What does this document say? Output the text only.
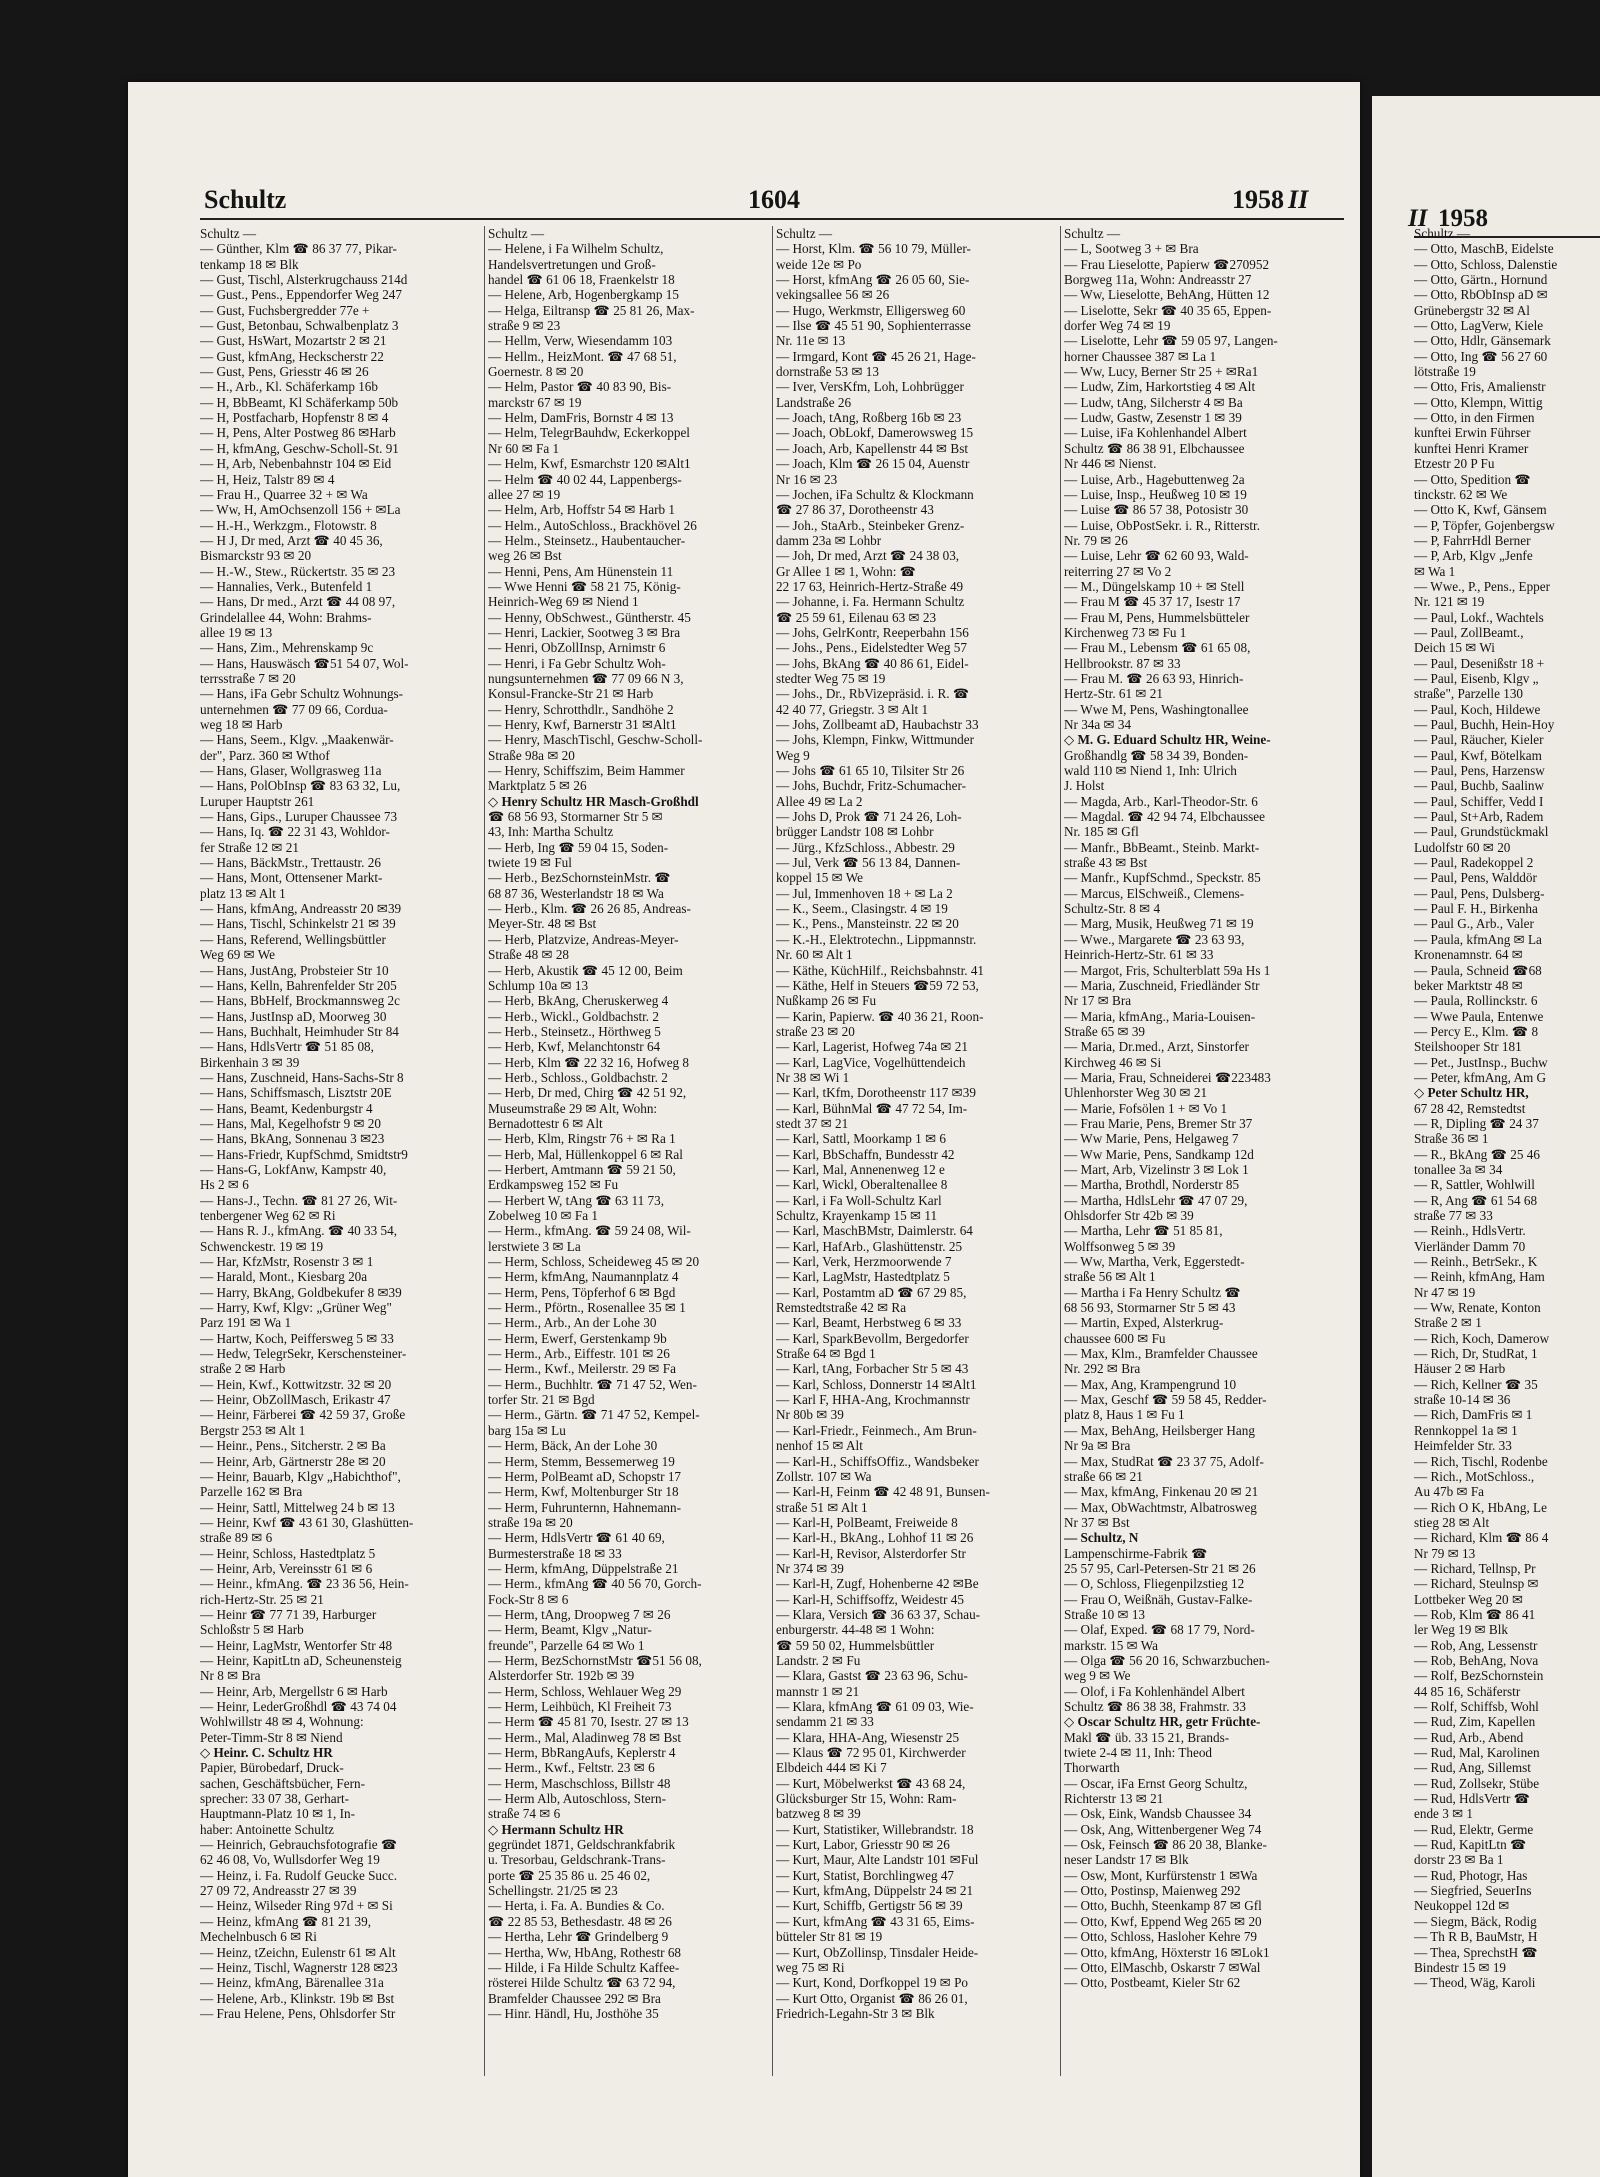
Schultz	1604	1958 II
II 1958
Schultz —
— Günther, Klm ☎ 86 37 77, Pikar-
tenkamp 18 ✉ Blk
— Gust, Tischl, Alsterkrugchauss 214d
— Gust., Pens., Eppendorfer Weg 247
— Gust, Fuchsbergredder 77e +
— Gust, Betonbau, Schwalbenplatz 3
— Gust, HsWart, Mozartstr 2 ✉ 21
— Gust, kfmAng, Heckscherstr 22
— Gust, Pens, Griesstr 46 ✉ 26
— H., Arb., Kl. Schäferkamp 16b
— H, BbBeamt, Kl Schäferkamp 50b
— H, Postfacharb, Hopfenstr 8 ✉ 4
— H, Pens, Alter Postweg 86 ✉Harb
— H, kfmAng, Geschw-Scholl-St. 91
— H, Arb, Nebenbahnstr 104 ✉ Eid
— H, Heiz, Talstr 89 ✉ 4
— Frau H., Quarree 32 + ✉ Wa
— Ww, H, AmOchsenzoll 156 + ✉La
— H.-H., Werkzgm., Flotowstr. 8
— H J, Dr med, Arzt ☎ 40 45 36,
Bismarckstr 93 ✉ 20
— H.-W., Stew., Rückertstr. 35 ✉ 23
— Hannalies, Verk., Butenfeld 1
— Hans, Dr med., Arzt ☎ 44 08 97,
Grindelallee 44, Wohn: Brahms-
allee 19 ✉ 13
— Hans, Zim., Mehrenskamp 9c
— Hans, Hauswäsch ☎51 54 07, Wol-
terrsstraße 7 ✉ 20
— Hans, iFa Gebr Schultz Wohnungs-
unternehmen ☎ 77 09 66, Cordua-
weg 18 ✉ Harb
— Hans, Seem., Klgv. „Maakenwär-
der", Parz. 360 ✉ Wthof
— Hans, Glaser, Wollgrasweg 11a
— Hans, PolObInsp ☎ 83 63 32, Lu,
Luruper Hauptstr 261
— Hans, Gips., Luruper Chaussee 73
— Hans, Iq. ☎ 22 31 43, Wohldor-
fer Straße 12 ✉ 21
— Hans, BäckMstr., Trettaustr. 26
— Hans, Mont, Ottensener Markt-
platz 13 ✉ Alt 1
— Hans, kfmAng, Andreasstr 20 ✉39
— Hans, Tischl, Schinkelstr 21 ✉ 39
— Hans, Referend, Wellingsbüttler
Weg 69 ✉ We
— Hans, JustAng, Probsteier Str 10
— Hans, Kelln, Bahrenfelder Str 205
— Hans, BbHelf, Brockmannsweg 2c
— Hans, JustInsp aD, Moorweg 30
— Hans, Buchhalt, Heimhuder Str 84
— Hans, HdlsVertr ☎ 51 85 08,
Birkenhain 3 ✉ 39
— Hans, Zuschneid, Hans-Sachs-Str 8
— Hans, Schiffsmasch, Lisztstr 20E
— Hans, Beamt, Kedenburgstr 4
— Hans, Mal, Kegelhofstr 9 ✉ 20
— Hans, BkAng, Sonnenau 3 ✉23
— Hans-Friedr, KupfSchmd, Smidtstr9
— Hans-G, LokfAnw, Kampstr 40,
Hs 2 ✉ 6
— Hans-J., Techn. ☎ 81 27 26, Wit-
tenbergener Weg 62 ✉ Ri
— Hans R. J., kfmAng. ☎ 40 33 54,
Schwenckestr. 19 ✉ 19
— Har, KfzMstr, Rosenstr 3 ✉ 1
— Harald, Mont., Kiesbarg 20a
— Harry, BkAng, Goldbekufer 8 ✉39
— Harry, Kwf, Klgv: „Grüner Weg"
Parz 191 ✉ Wa 1
— Hartw, Koch, Peiffersweg 5 ✉ 33
— Hedw, TelegrSekr, Kerschensteiner-
straße 2 ✉ Harb
— Hein, Kwf., Kottwitzstr. 32 ✉ 20
— Heinr, ObZollMasch, Erikastr 47
— Heinr, Färberei ☎ 42 59 37, Große
Bergstr 253 ✉ Alt 1
— Heinr., Pens., Sitcherstr. 2 ✉ Ba
— Heinr, Arb, Gärtnerstr 28e ✉ 20
— Heinr, Bauarb, Klgv „Habichthof",
Parzelle 162 ✉ Bra
— Heinr, Sattl, Mittelweg 24 b ✉ 13
— Heinr, Kwf ☎ 43 61 30, Glashütten-
straße 89 ✉ 6
— Heinr, Schloss, Hastedtplatz 5
— Heinr, Arb, Vereinsstr 61 ✉ 6
— Heinr., kfmAng. ☎ 23 36 56, Hein-
rich-Hertz-Str. 25 ✉ 21
— Heinr ☎ 77 71 39, Harburger
Schloßstr 5 ✉ Harb
— Heinr, LagMstr, Wentorfer Str 48
— Heinr, KapitLtn aD, Scheunensteig
Nr 8 ✉ Bra
— Heinr, Arb, Mergellstr 6 ✉ Harb
— Heinr, LederGroßhdl ☎ 43 74 04
Wohlwillstr 48 ✉ 4, Wohnung:
Peter-Timm-Str 8 ✉ Niend
◇ Heinr. C. Schultz HR
Papier, Bürobedarf, Druck-
sachen, Geschäftsbücher, Fern-
sprecher: 33 07 38, Gerhart-
Hauptmann-Platz 10 ✉ 1, In-
haber: Antoinette Schultz
— Heinrich, Gebrauchsfotografie ☎
62 46 08, Vo, Wullsdorfer Weg 19
— Heinz, i. Fa. Rudolf Geucke Succ.
27 09 72, Andreasstr 27 ✉ 39
— Heinz, Wilseder Ring 97d + ✉ Si
— Heinz, kfmAng ☎ 81 21 39,
Mechelnbusch 6 ✉ Ri
— Heinz, tZeichn, Eulenstr 61 ✉ Alt
— Heinz, Tischl, Wagnerstr 128 ✉23
— Heinz, kfmAng, Bärenallee 31a
— Helene, Arb., Klinkstr. 19b ✉ Bst
— Frau Helene, Pens, Ohlsdorfer Str
Schultz —
— Helene, i Fa Wilhelm Schultz,
Handelsvertretungen und Groß-
handel ☎ 61 06 18, Fraenkelstr 18
— Helene, Arb, Hogenbergkamp 15
— Helga, Eiltransp ☎ 25 81 26, Max-
straße 9 ✉ 23
— Hellm, Verw, Wiesendamm 103
— Hellm., HeizMont. ☎ 47 68 51,
Goernestr. 8 ✉ 20
— Helm, Pastor ☎ 40 83 90, Bis-
marckstr 67 ✉ 19
— Helm, DamFris, Bornstr 4 ✉ 13
— Helm, TelegrBauhdw, Eckerkoppel
Nr 60 ✉ Fa 1
— Helm, Kwf, Esmarchstr 120 ✉Alt1
— Helm ☎ 40 02 44, Lappenbergs-
allee 27 ✉ 19
— Helm, Arb, Hoffstr 54 ✉ Harb 1
— Helm., AutoSchloss., Brackhövel 26
— Helm., Steinsetz., Haubentaucher-
weg 26 ✉ Bst
— Henni, Pens, Am Hünenstein 11
— Wwe Henni ☎ 58 21 75, König-
Heinrich-Weg 69 ✉ Niend 1
— Henny, ObSchwest., Güntherstr. 45
— Henri, Lackier, Sootweg 3 ✉ Bra
— Henri, ObZollInsp, Arnimstr 6
— Henri, i Fa Gebr Schultz Woh-
nungsunternehmen ☎ 77 09 66 N 3,
Konsul-Francke-Str 21 ✉ Harb
— Henry, Schrotthdlr., Sandhöhe 2
— Henry, Kwf, Barnerstr 31 ✉Alt1
— Henry, MaschTischl, Geschw-Scholl-
Straße 98a ✉ 20
— Henry, Schiffszim, Beim Hammer
Marktplatz 5 ✉ 26
◇ Henry Schultz HR Masch-Großhdl
☎ 68 56 93, Stormarner Str 5 ✉
43, Inh: Martha Schultz
— Herb, Ing ☎ 59 04 15, Soden-
twiete 19 ✉ Ful
— Herb., BezSchornsteinMstr. ☎
68 87 36, Westerlandstr 18 ✉ Wa
— Herb., Klm. ☎ 26 26 85, Andreas-
Meyer-Str. 48 ✉ Bst
— Herb, Platzvize, Andreas-Meyer-
Straße 48 ✉ 28
— Herb, Akustik ☎ 45 12 00, Beim
Schlump 10a ✉ 13
— Herb, BkAng, Cheruskerweg 4
— Herb., Wickl., Goldbachstr. 2
— Herb., Steinsetz., Hörthweg 5
— Herb, Kwf, Melanchtonstr 64
— Herb, Klm ☎ 22 32 16, Hofweg 8
— Herb., Schloss., Goldbachstr. 2
— Herb, Dr med, Chirg ☎ 42 51 92,
Museumstraße 29 ✉ Alt, Wohn:
Bernadottestr 6 ✉ Alt
— Herb, Klm, Ringstr 76 + ✉ Ra 1
— Herb, Mal, Hüllenkoppel 6 ✉ Ral
— Herbert, Amtmann ☎ 59 21 50,
Erdkampsweg 152 ✉ Fu
— Herbert W, tAng ☎ 63 11 73,
Zobelweg 10 ✉ Fa 1
— Herm., kfmAng. ☎ 59 24 08, Wil-
lerstwiete 3 ✉ La
— Herm, Schloss, Scheideweg 45 ✉ 20
— Herm, kfmAng, Naumannplatz 4
— Herm, Pens, Töpferhof 6 ✉ Bgd
— Herm., Pförtn., Rosenallee 35 ✉ 1
— Herm., Arb., An der Lohe 30
— Herm, Ewerf, Gerstenkamp 9b
— Herm., Arb., Eiffestr. 101 ✉ 26
— Herm., Kwf., Meilerstr. 29 ✉ Fa
— Herm., Buchhltr. ☎ 71 47 52, Wen-
torfer Str. 21 ✉ Bgd
— Herm., Gärtn. ☎ 71 47 52, Kempel-
barg 15a ✉ Lu
— Herm, Bäck, An der Lohe 30
— Herm, Stemm, Bessemerweg 19
— Herm, PolBeamt aD, Schopstr 17
— Herm, Kwf, Moltenburger Str 18
— Herm, Fuhrunternn, Hahnemann-
straße 19a ✉ 20
— Herm, HdlsVertr ☎ 61 40 69,
Burmesterstraße 18 ✉ 33
— Herm, kfmAng, Düppelstraße 21
— Herm., kfmAng ☎ 40 56 70, Gorch-
Fock-Str 8 ✉ 6
— Herm, tAng, Droopweg 7 ✉ 26
— Herm, Beamt, Klgv „Natur-
freunde", Parzelle 64 ✉ Wo 1
— Herm, BezSchornstMstr ☎51 56 08,
Alsterdorfer Str. 192b ✉ 39
— Herm, Schloss, Wehlauer Weg 29
— Herm, Leihbüch, Kl Freiheit 73
— Herm ☎ 45 81 70, Isestr. 27 ✉ 13
— Herm., Mal, Aladinweg 78 ✉ Bst
— Herm, BbRangAufs, Keplerstr 4
— Herm., Kwf., Feltstr. 23 ✉ 6
— Herm, Maschschloss, Billstr 48
— Herm Alb, Autoschloss, Stern-
straße 74 ✉ 6
◇ Hermann Schultz HR
gegründet 1871, Geldschrankfabrik
u. Tresorbau, Geldschrank-Trans-
porte ☎ 25 35 86 u. 25 46 02,
Schellingstr. 21/25 ✉ 23
— Herta, i. Fa. A. Bundies & Co.
☎ 22 85 53, Bethesdastr. 48 ✉ 26
— Hertha, Lehr ☎ Grindelberg 9
— Hertha, Ww, HbAng, Rothestr 68
— Hilde, i Fa Hilde Schultz Kaffee-
rösterei Hilde Schultz ☎ 63 72 94,
Bramfelder Chaussee 292 ✉ Bra
— Hinr. Händl, Hu, Josthöhe 35
Schultz —
— Horst, Klm. ☎ 56 10 79, Müller-
weide 12e ✉ Po
— Horst, kfmAng ☎ 26 05 60, Sie-
vekingsallee 56 ✉ 26
— Hugo, Werkmstr, Elligersweg 60
— Ilse ☎ 45 51 90, Sophienterrasse
Nr. 11e ✉ 13
— Irmgard, Kont ☎ 45 26 21, Hage-
dornstraße 53 ✉ 13
— Iver, VersKfm, Loh, Lohbrügger
Landstraße 26
— Joach, tAng, Roßberg 16b ✉ 23
— Joach, ObLokf, Damerowsweg 15
— Joach, Arb, Kapellenstr 44 ✉ Bst
— Joach, Klm ☎ 26 15 04, Auenstr
Nr 16 ✉ 23
— Jochen, iFa Schultz & Klockmann
☎ 27 86 37, Dorotheenstr 43
— Joh., StaArb., Steinbeker Grenz-
damm 23a ✉ Lohbr
— Joh, Dr med, Arzt ☎ 24 38 03,
Gr Allee 1 ✉ 1, Wohn: ☎
22 17 63, Heinrich-Hertz-Straße 49
— Johanne, i. Fa. Hermann Schultz
☎ 25 59 61, Eilenau 63 ✉ 23
— Johs, GelrKontr, Reeperbahn 156
— Johs., Pens., Eidelstedter Weg 57
— Johs, BkAng ☎ 40 86 61, Eidel-
stedter Weg 75 ✉ 19
— Johs., Dr., RbVizepräsid. i. R. ☎
42 40 77, Griegstr. 3 ✉ Alt 1
— Johs, Zollbeamt aD, Haubachstr 33
— Johs, Klempn, Finkw, Wittmunder
Weg 9
— Johs ☎ 61 65 10, Tilsiter Str 26
— Johs, Buchdr, Fritz-Schumacher-
Allee 49 ✉ La 2
— Johs D, Prok ☎ 71 24 26, Loh-
brügger Landstr 108 ✉ Lohbr
— Jürg., KfzSchloss., Abbestr. 29
— Jul, Verk ☎ 56 13 84, Dannen-
koppel 15 ✉ We
— Jul, Immenhoven 18 + ✉ La 2
— K., Seem., Clasingstr. 4 ✉ 19
— K., Pens., Mansteinstr. 22 ✉ 20
— K.-H., Elektrotechn., Lippmannstr.
Nr. 60 ✉ Alt 1
— Käthe, KüchHilf., Reichsbahnstr. 41
— Käthe, Helf in Steuers ☎59 72 53,
Nußkamp 26 ✉ Fu
— Karin, Papierw. ☎ 40 36 21, Roon-
straße 23 ✉ 20
— Karl, Lagerist, Hofweg 74a ✉ 21
— Karl, LagVice, Vogelhüttendeich
Nr 38 ✉ Wi 1
— Karl, tKfm, Dorotheenstr 117 ✉39
— Karl, BühnMal ☎ 47 72 54, Im-
stedt 37 ✉ 21
— Karl, Sattl, Moorkamp 1 ✉ 6
— Karl, BbSchaffn, Bundesstr 42
— Karl, Mal, Annenenweg 12 e
— Karl, Wickl, Oberaltenallee 8
— Karl, i Fa Woll-Schultz Karl
Schultz, Krayenkamp 15 ✉ 11
— Karl, MaschBMstr, Daimlerstr. 64
— Karl, HafArb., Glashüttenstr. 25
— Karl, Verk, Herzmoorwende 7
— Karl, LagMstr, Hastedtplatz 5
— Karl, Postamtm aD ☎ 67 29 85,
Remstedtstraße 42 ✉ Ra
— Karl, Beamt, Herbstweg 6 ✉ 33
— Karl, SparkBevollm, Bergedorfer
Straße 64 ✉ Bgd 1
— Karl, tAng, Forbacher Str 5 ✉ 43
— Karl, Schloss, Donnerstr 14 ✉Alt1
— Karl F, HHA-Ang, Krochmannstr
Nr 80b ✉ 39
— Karl-Friedr., Feinmech., Am Brun-
nenhof 15 ✉ Alt
— Karl-H., SchiffsOffiz., Wandsbeker
Zollstr. 107 ✉ Wa
— Karl-H, Feinm ☎ 42 48 91, Bunsen-
straße 51 ✉ Alt 1
— Karl-H, PolBeamt, Freiweide 8
— Karl-H., BkAng., Lohhof 11 ✉ 26
— Karl-H, Revisor, Alsterdorfer Str
Nr 374 ✉ 39
— Karl-H, Zugf, Hohenberne 42 ✉Be
— Karl-H, Schiffsoffz, Weidestr 45
— Klara, Versich ☎ 36 63 37, Schau-
enburgerstr. 44-48 ✉ 1 Wohn:
☎ 59 50 02, Hummelsbüttler
Landstr. 2 ✉ Fu
— Klara, Gastst ☎ 23 63 96, Schu-
mannstr 1 ✉ 21
— Klara, kfmAng ☎ 61 09 03, Wie-
sendamm 21 ✉ 33
— Klara, HHA-Ang, Wiesenstr 25
— Klaus ☎ 72 95 01, Kirchwerder
Elbdeich 444 ✉ Ki 7
— Kurt, Möbelwerkst ☎ 43 68 24,
Glücksburger Str 15, Wohn: Ram-
batzweg 8 ✉ 39
— Kurt, Statistiker, Willebrandstr. 18
— Kurt, Labor, Griesstr 90 ✉ 26
— Kurt, Maur, Alte Landstr 101 ✉Ful
— Kurt, Statist, Borchlingweg 47
— Kurt, kfmAng, Düppelstr 24 ✉ 21
— Kurt, Schiffb, Gertigstr 56 ✉ 39
— Kurt, kfmAng ☎ 43 31 65, Eims-
bütteler Str 81 ✉ 19
— Kurt, ObZollinsp, Tinsdaler Heide-
weg 75 ✉ Ri
— Kurt, Kond, Dorfkoppel 19 ✉ Po
— Kurt Otto, Organist ☎ 86 26 01,
Friedrich-Legahn-Str 3 ✉ Blk
Schultz —
— L, Sootweg 3 + ✉ Bra
— Frau Lieselotte, Papierw ☎270952
Borgweg 11a, Wohn: Andreasstr 27
— Ww, Lieselotte, BehAng, Hütten 12
— Liselotte, Sekr ☎ 40 35 65, Eppen-
dorfer Weg 74 ✉ 19
— Liselotte, Lehr ☎ 59 05 97, Langen-
horner Chaussee 387 ✉ La 1
— Ww, Lucy, Berner Str 25 + ✉Ra1
— Ludw, Zim, Harkortstieg 4 ✉ Alt
— Ludw, tAng, Silcherstr 4 ✉ Ba
— Ludw, Gastw, Zesenstr 1 ✉ 39
— Luise, iFa Kohlenhandel Albert
Schultz ☎ 86 38 91, Elbchaussee
Nr 446 ✉ Nienst.
— Luise, Arb., Hagebuttenweg 2a
— Luise, Insp., Heußweg 10 ✉ 19
— Luise ☎ 86 57 38, Potosistr 30
— Luise, ObPostSekr. i. R., Ritterstr.
Nr. 79 ✉ 26
— Luise, Lehr ☎ 62 60 93, Wald-
reiterring 27 ✉ Vo 2
— M., Düngelskamp 10 + ✉ Stell
— Frau M ☎ 45 37 17, Isestr 17
— Frau M, Pens, Hummelsbütteler
Kirchenweg 73 ✉ Fu 1
— Frau M., Lebensm ☎ 61 65 08,
Hellbrookstr. 87 ✉ 33
— Frau M. ☎ 26 63 93, Hinrich-
Hertz-Str. 61 ✉ 21
— Wwe M, Pens, Washingtonallee
Nr 34a ✉ 34
◇ M. G. Eduard Schultz HR, Weine-
Großhandlg ☎ 58 34 39, Bonden-
wald 110 ✉ Niend 1, Inh: Ulrich
J. Holst
— Magda, Arb., Karl-Theodor-Str. 6
— Magdal. ☎ 42 94 74, Elbchaussee
Nr. 185 ✉ Gfl
— Manfr., BbBeamt., Steinb. Markt-
straße 43 ✉ Bst
— Manfr., KupfSchmd., Speckstr. 85
— Marcus, ElSchweiß., Clemens-
Schultz-Str. 8 ✉ 4
— Marg, Musik, Heußweg 71 ✉ 19
— Wwe., Margarete ☎ 23 63 93,
Heinrich-Hertz-Str. 61 ✉ 33
— Margot, Fris, Schulterblatt 59a Hs 1
— Maria, Zuschneid, Friedländer Str
Nr 17 ✉ Bra
— Maria, kfmAng., Maria-Louisen-
Straße 65 ✉ 39
— Maria, Dr.med., Arzt, Sinstorfer
Kirchweg 46 ✉ Si
— Maria, Frau, Schneiderei ☎223483
Uhlenhorster Weg 30 ✉ 21
— Marie, Fofsölen 1 + ✉ Vo 1
— Frau Marie, Pens, Bremer Str 37
— Ww Marie, Pens, Helgaweg 7
— Ww Marie, Pens, Sandkamp 12d
— Mart, Arb, Vizelinstr 3 ✉ Lok 1
— Martha, Brothdl, Norderstr 85
— Martha, HdlsLehr ☎ 47 07 29,
Ohlsdorfer Str 42b ✉ 39
— Martha, Lehr ☎ 51 85 81,
Wolffsonweg 5 ✉ 39
— Ww, Martha, Verk, Eggerstedt-
straße 56 ✉ Alt 1
— Martha i Fa Henry Schultz ☎
68 56 93, Stormarner Str 5 ✉ 43
— Martin, Exped, Alsterkrug-
chaussee 600 ✉ Fu
— Max, Klm., Bramfelder Chaussee
Nr. 292 ✉ Bra
— Max, Ang, Krampengrund 10
— Max, Geschf ☎ 59 58 45, Redder-
platz 8, Haus 1 ✉ Fu 1
— Max, BehAng, Heilsberger Hang
Nr 9a ✉ Bra
— Max, StudRat ☎ 23 37 75, Adolf-
straße 66 ✉ 21
— Max, kfmAng, Finkenau 20 ✉ 21
— Max, ObWachtmstr, Albatrosweg
Nr 37 ✉ Bst
— Schultz, N
Lampenschirme-Fabrik ☎
25 57 95, Carl-Petersen-Str 21 ✉ 26
— O, Schloss, Fliegenpilzstieg 12
— Frau O, Weißnäh, Gustav-Falke-
Straße 10 ✉ 13
— Olaf, Exped. ☎ 68 17 79, Nord-
markstr. 15 ✉ Wa
— Olga ☎ 56 20 16, Schwarzbuchen-
weg 9 ✉ We
— Olof, i Fa Kohlenhändel Albert
Schultz ☎ 86 38 38, Frahmstr. 33
◇ Oscar Schultz HR, getr Früchte-
Makl ☎ üb. 33 15 21, Brands-
twiete 2-4 ✉ 11, Inh: Theod
Thorwarth
— Oscar, iFa Ernst Georg Schultz,
Richterstr 13 ✉ 21
— Osk, Eink, Wandsb Chaussee 34
— Osk, Ang, Wittenbergener Weg 74
— Osk, Feinsch ☎ 86 20 38, Blanke-
neser Landstr 17 ✉ Blk
— Osw, Mont, Kurfürstenstr 1 ✉Wa
— Otto, Postinsp, Maienweg 292
— Otto, Buchh, Steenkamp 87 ✉ Gfl
— Otto, Kwf, Eppend Weg 265 ✉ 20
— Otto, Schloss, Hasloher Kehre 79
— Otto, kfmAng, Höxterstr 16 ✉Lok1
— Otto, ElMaschb, Oskarstr 7 ✉Wal
— Otto, Postbeamt, Kieler Str 62
Schultz —
— Otto, MaschB, Eidelste
— Otto, Schloss, Dalenstie
— Otto, Gärtn., Hornund
— Otto, RbObInsp aD ✉
Grünebergstr 32 ✉ Al
— Otto, LagVerw, Kiele
— Otto, Hdlr, Gänsemark
— Otto, Ing ☎ 56 27 60
lötstraße 19
— Otto, Fris, Amalienstr
— Otto, Klempn, Wittig
— Otto, in den Firmen
kunftei Erwin Führser
kunftei Henri Kramer
Etzestr 20 P Fu
— Otto, Spedition ☎
tinckstr. 62 ✉ We
— Otto K, Kwf, Gänsem
— P, Töpfer, Gojenbergsw
— P, FahrrHdl Berner
— P, Arb, Klgv „Jenfe
✉ Wa 1
— Wwe., P., Pens., Epper
Nr. 121 ✉ 19
— Paul, Lokf., Wachtels
— Paul, ZollBeamt.,
Deich 15 ✉ Wi
— Paul, Desenißstr 18 +
— Paul, Eisenb, Klgv „
straße", Parzelle 130
— Paul, Koch, Hildewe
— Paul, Buchh, Hein-Hoy
— Paul, Räucher, Kieler
— Paul, Kwf, Bötelkam
— Paul, Pens, Harzensw
— Paul, Buchb, Saalinw
— Paul, Schiffer, Vedd I
— Paul, St+Arb, Radem
— Paul, Grundstückmakl
Ludolfstr 60 ✉ 20
— Paul, Radekoppel 2
— Paul, Pens, Walddör
— Paul, Pens, Dulsberg-
— Paul F. H., Birkenha
— Paul G., Arb., Valer
— Paula, kfmAng ✉ La
Kronenamnstr. 64 ✉
— Paula, Schneid ☎68
beker Marktstr 48 ✉
— Paula, Rollinckstr. 6
— Wwe Paula, Entenwe
— Percy E., Klm. ☎ 8
Steilshooper Str 181
— Pet., JustInsp., Buchw
— Peter, kfmAng, Am G
◇ Peter Schultz HR,
67 28 42, Remstedtst
— R, Dipling ☎ 24 37
Straße 36 ✉ 1
— R., BkAng ☎ 25 46
tonallee 3a ✉ 34
— R, Sattler, Wohlwill
— R, Ang ☎ 61 54 68
straße 77 ✉ 33
— Reinh., HdlsVertr.
Vierländer Damm 70
— Reinh., BetrSekr., K
— Reinh, kfmAng, Ham
Nr 47 ✉ 19
— Ww, Renate, Konton
Straße 2 ✉ 1
— Rich, Koch, Damerow
— Rich, Dr, StudRat, 1
Häuser 2 ✉ Harb
— Rich, Kellner ☎ 35
straße 10-14 ✉ 36
— Rich, DamFris ✉ 1
Rennkoppel 1a ✉ 1
Heimfelder Str. 33
— Rich, Tischl, Rodenbe
— Rich., MotSchloss.,
Au 47b ✉ Fa
— Rich O K, HbAng, Le
stieg 28 ✉ Alt
— Richard, Klm ☎ 86 4
Nr 79 ✉ 13
— Richard, Tellnsp, Pr
— Richard, Steulnsp ✉
Lottbeker Weg 20 ✉
— Rob, Klm ☎ 86 41
ler Weg 19 ✉ Blk
— Rob, Ang, Lessenstr
— Rob, BehAng, Nova
— Rolf, BezSchornstein
44 85 16, Schäferstr
— Rolf, Schiffsb, Wohl
— Rud, Zim, Kapellen
— Rud, Arb., Abend
— Rud, Mal, Karolinen
— Rud, Ang, Sillemst
— Rud, Zollsekr, Stübe
— Rud, HdlsVertr ☎
ende 3 ✉ 1
— Rud, Elektr, Germe
— Rud, KapitLtn ☎
dorstr 23 ✉ Ba 1
— Rud, Photogr, Has
— Siegfried, SeuerIns
Neukoppel 12d ✉
— Siegm, Bäck, Rodig
— Th R B, BauMstr, H
— Thea, SprechstH ☎
Bindestr 15 ✉ 19
— Theod, Wäg, Karoli
